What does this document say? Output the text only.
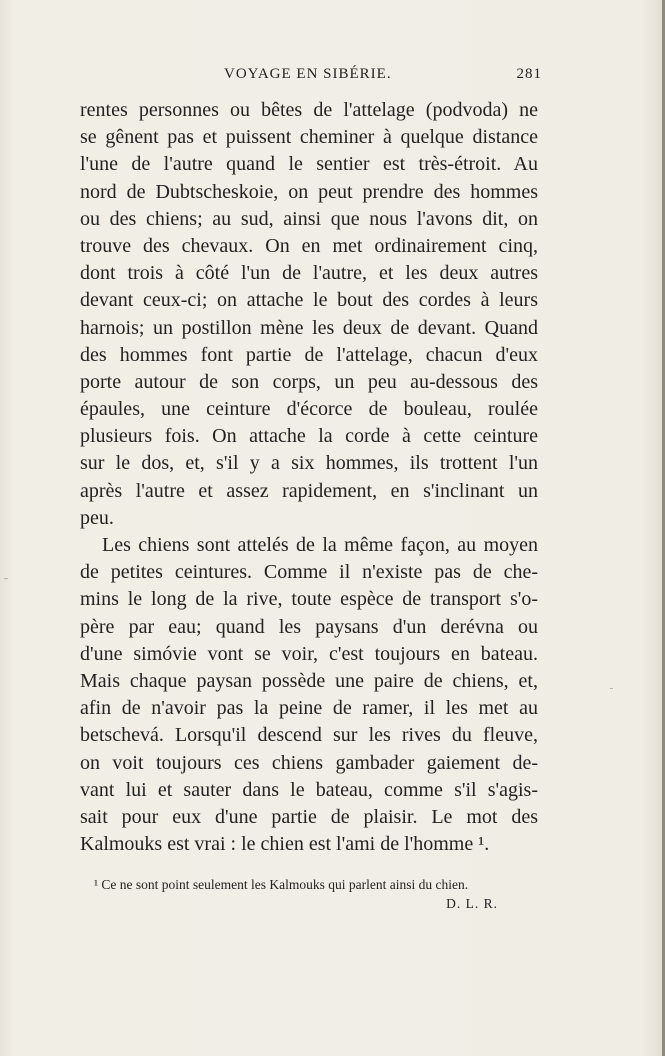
VOYAGE EN SIBÉRIE.	281
rentes personnes ou bêtes de l'attelage (podvoda) ne
se gênent pas et puissent cheminer à quelque distance
l'une de l'autre quand le sentier est très-étroit. Au
nord de Dubtscheskoie, on peut prendre des hommes
ou des chiens; au sud, ainsi que nous l'avons dit, on
trouve des chevaux. On en met ordinairement cinq,
dont trois à côté l'un de l'autre, et les deux autres
devant ceux-ci; on attache le bout des cordes à leurs
harnois; un postillon mène les deux de devant. Quand
des hommes font partie de l'attelage, chacun d'eux
porte autour de son corps, un peu au-dessous des
épaules, une ceinture d'écorce de bouleau, roulée
plusieurs fois. On attache la corde à cette ceinture
sur le dos, et, s'il y a six hommes, ils trottent l'un
après l'autre et assez rapidement, en s'inclinant un
peu.
Les chiens sont attelés de la même façon, au moyen
de petites ceintures. Comme il n'existe pas de che-
mins le long de la rive, toute espèce de transport s'o-
père par eau; quand les paysans d'un derévna ou
d'une simóvie vont se voir, c'est toujours en bateau.
Mais chaque paysan possède une paire de chiens, et,
afin de n'avoir pas la peine de ramer, il les met au
betschevá. Lorsqu'il descend sur les rives du fleuve,
on voit toujours ces chiens gambader gaiement de-
vant lui et sauter dans le bateau, comme s'il s'agis-
sait pour eux d'une partie de plaisir. Le mot des
Kalmouks est vrai : le chien est l'ami de l'homme ¹.
¹ Ce ne sont point seulement les Kalmouks qui parlent ainsi du chien.
D. L. R.
